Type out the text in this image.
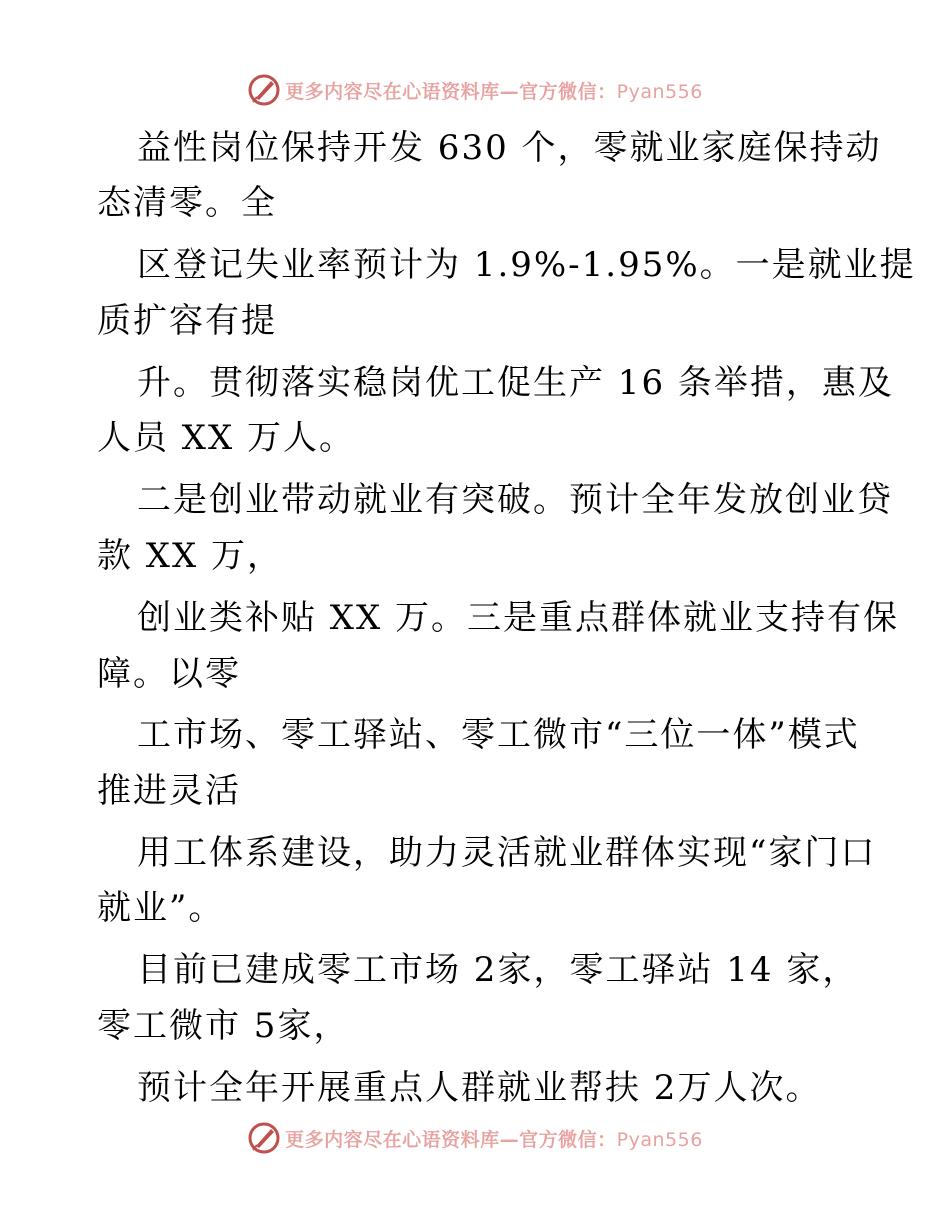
更多内容尽在心语资料库—官方微信：Pyan556
益性岗位保持开发 630 个，零就业家庭保持动
态清零。全
区登记失业率预计为 1.9%-1.95%。一是就业提
质扩容有提
升。贯彻落实稳岗优工促生产 16 条举措，惠及
人员 XX 万人。
二是创业带动就业有突破。预计全年发放创业贷
款 XX 万，
创业类补贴 XX 万。三是重点群体就业支持有保
障。以零
工市场、零工驿站、零工微市“三位一体”模式
推进灵活
用工体系建设，助力灵活就业群体实现“家门口
就业”。
目前已建成零工市场 2家，零工驿站 14 家，
零工微市 5家，
预计全年开展重点人群就业帮扶 2万人次。
更多内容尽在心语资料库—官方微信：Pyan556
